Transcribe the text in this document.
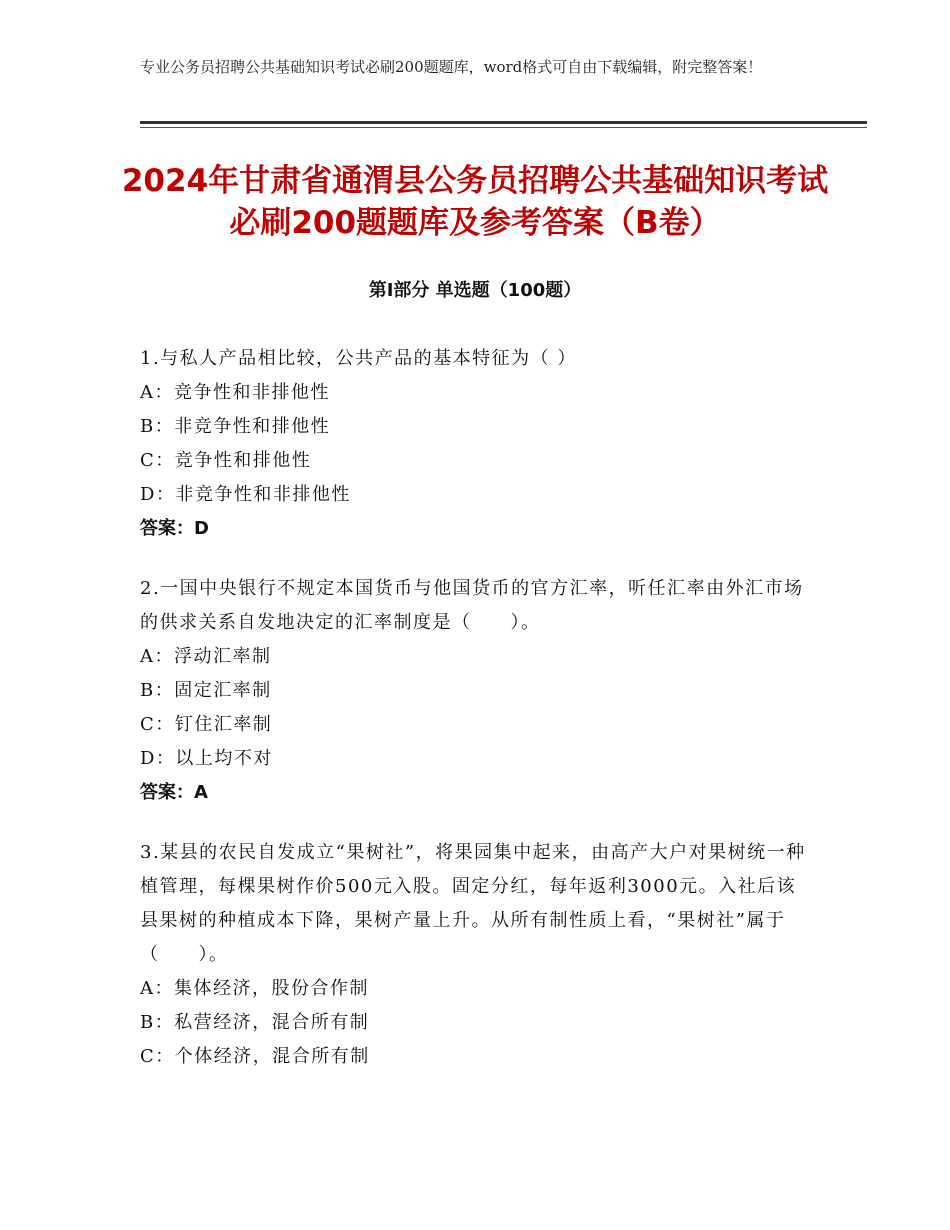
专业公务员招聘公共基础知识考试必刷200题题库，word格式可自由下载编辑，附完整答案！
2024年甘肃省通渭县公务员招聘公共基础知识考试必刷200题题库及参考答案（B卷）
第Ⅰ部分 单选题（100题）
1.与私人产品相比较，公共产品的基本特征为（ ）
A：竞争性和非排他性
B：非竞争性和排他性
C：竞争性和排他性
D：非竞争性和非排他性
答案：D
2.一国中央银行不规定本国货币与他国货币的官方汇率，听任汇率由外汇市场的供求关系自发地决定的汇率制度是（　　）。
A：浮动汇率制
B：固定汇率制
C：钉住汇率制
D：以上均不对
答案：A
3.某县的农民自发成立“果树社”，将果园集中起来，由高产大户对果树统一种植管理，每棵果树作价500元入股。固定分红，每年返利3000元。入社后该县果树的种植成本下降，果树产量上升。从所有制性质上看，“果树社”属于（　　）。
A：集体经济，股份合作制
B：私营经济，混合所有制
C：个体经济，混合所有制
